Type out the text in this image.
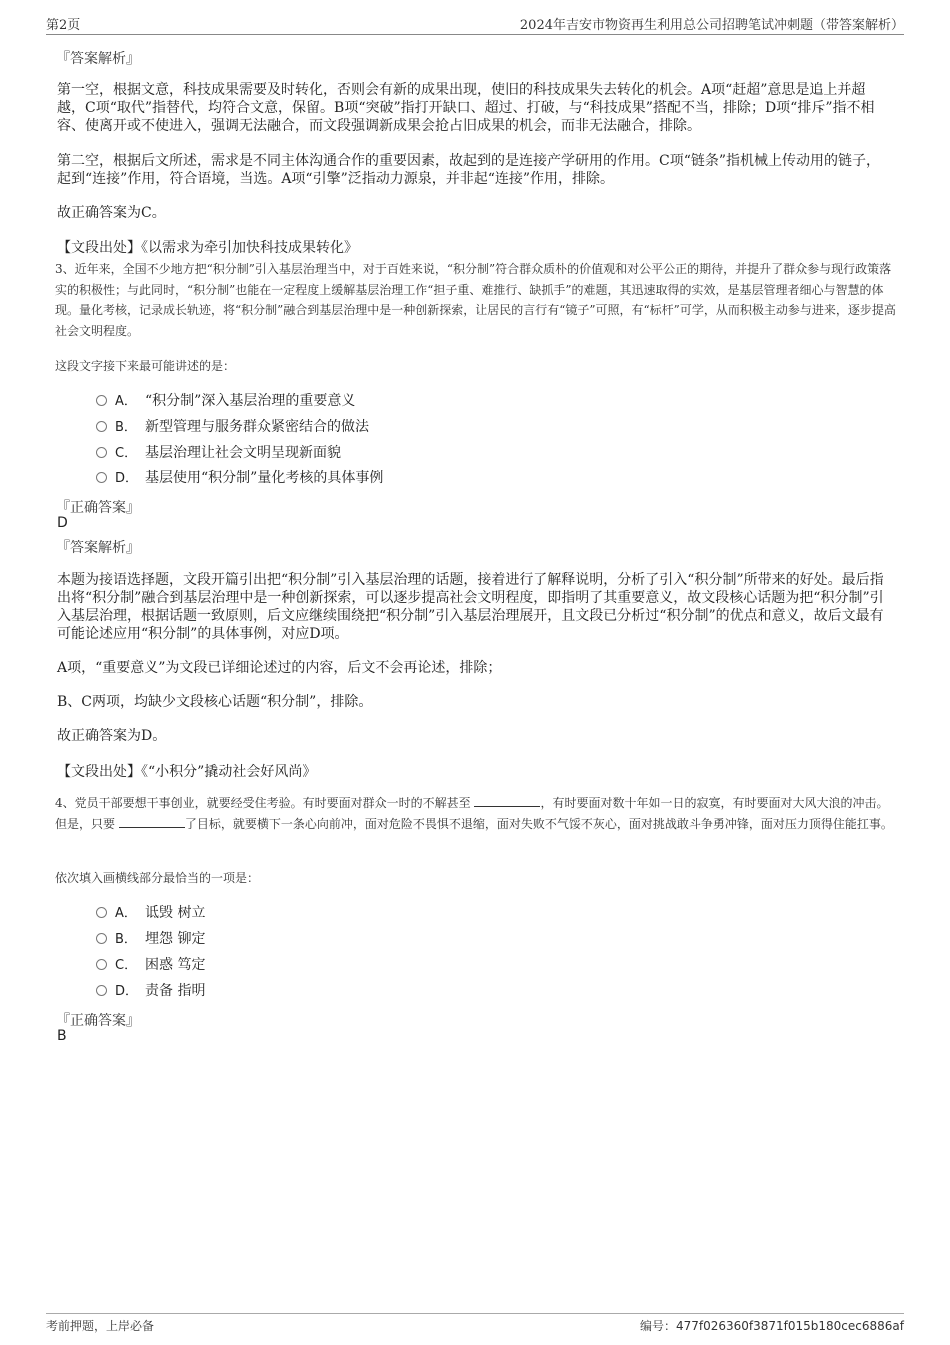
第2页	2024年吉安市物资再生利用总公司招聘笔试冲刺题（带答案解析）
『答案解析』

第一空，根据文意，科技成果需要及时转化，否则会有新的成果出现，使旧的科技成果失去转化的机会。A项“赶超”意思是追上并超越，C项“取代”指替代，均符合文意，保留。B项“突破”指打开缺口、超过、打破，与“科技成果”搭配不当，排除；D项“排斥”指不相容、使离开或不使进入，强调无法融合，而文段强调新成果会抢占旧成果的机会，而非无法融合，排除。

第二空，根据后文所述，需求是不同主体沟通合作的重要因素，故起到的是连接产学研用的作用。C项“链条”指机械上传动用的链子，起到“连接”作用，符合语境，当选。A项“引擎”泛指动力源泉，并非起“连接”作用，排除。

故正确答案为C。
【文段出处】《以需求为牵引加快科技成果转化》

3、近年来，全国不少地方把“积分制”引入基层治理当中，对于百姓来说，“积分制”符合群众质朴的价值观和对公平公正的期待，并提升了群众参与现行政策落实的积极性；与此同时，“积分制”也能在一定程度上缓解基层治理工作“担子重、难推行、缺抓手”的难题，其迅速取得的实效，是基层管理者细心与智慧的体现。量化考核，记录成长轨迹，将“积分制”融合到基层治理中是一种创新探索，让居民的言行有“镜子”可照，有“标杆”可学，从而积极主动参与进来，逐步提高社会文明程度。

这段文字接下来最可能讲述的是：
A． “积分制”深入基层治理的重要意义
B． 新型管理与服务群众紧密结合的做法
C． 基层治理让社会文明呈现新面貌
D． 基层使用“积分制”量化考核的具体事例
『正确答案』
D
『答案解析』

本题为接语选择题，文段开篇引出把“积分制”引入基层治理的话题，接着进行了解释说明，分析了引入“积分制”所带来的好处。最后指出将“积分制”融合到基层治理中是一种创新探索，可以逐步提高社会文明程度，即指明了其重要意义，故文段核心话题为把“积分制”引入基层治理，根据话题一致原则，后文应继续围绕把“积分制”引入基层治理展开，且文段已分析过“积分制”的优点和意义，故后文最有可能论述应用“积分制”的具体事例，对应D项。

A项，“重要意义”为文段已详细论述过的内容，后文不会再论述，排除；
B、C两项，均缺少文段核心话题“积分制”，排除。
故正确答案为D。
【文段出处】《“小积分”撬动社会好风尚》

4、党员干部要想干事创业，就要经受住考验。有时要面对群众一时的不解甚至	，有时要面对数十年如一日的寂寞，有时要面对大风大浪的冲击。但是，只要	了目标，就要横下一条心向前冲，面对危险不畏惧不退缩，面对失败不气馁不灰心，面对挑战敢斗争勇冲锋，面对压力顶得住能扛事。

依次填入画横线部分最恰当的一项是：
A． 诋毁 树立
B． 埋怨 铆定
C． 困惑 笃定
D． 责备 指明
『正确答案』
B
考前押题，上岸必备	编号：477f026360f3871f015b180cec6886af
